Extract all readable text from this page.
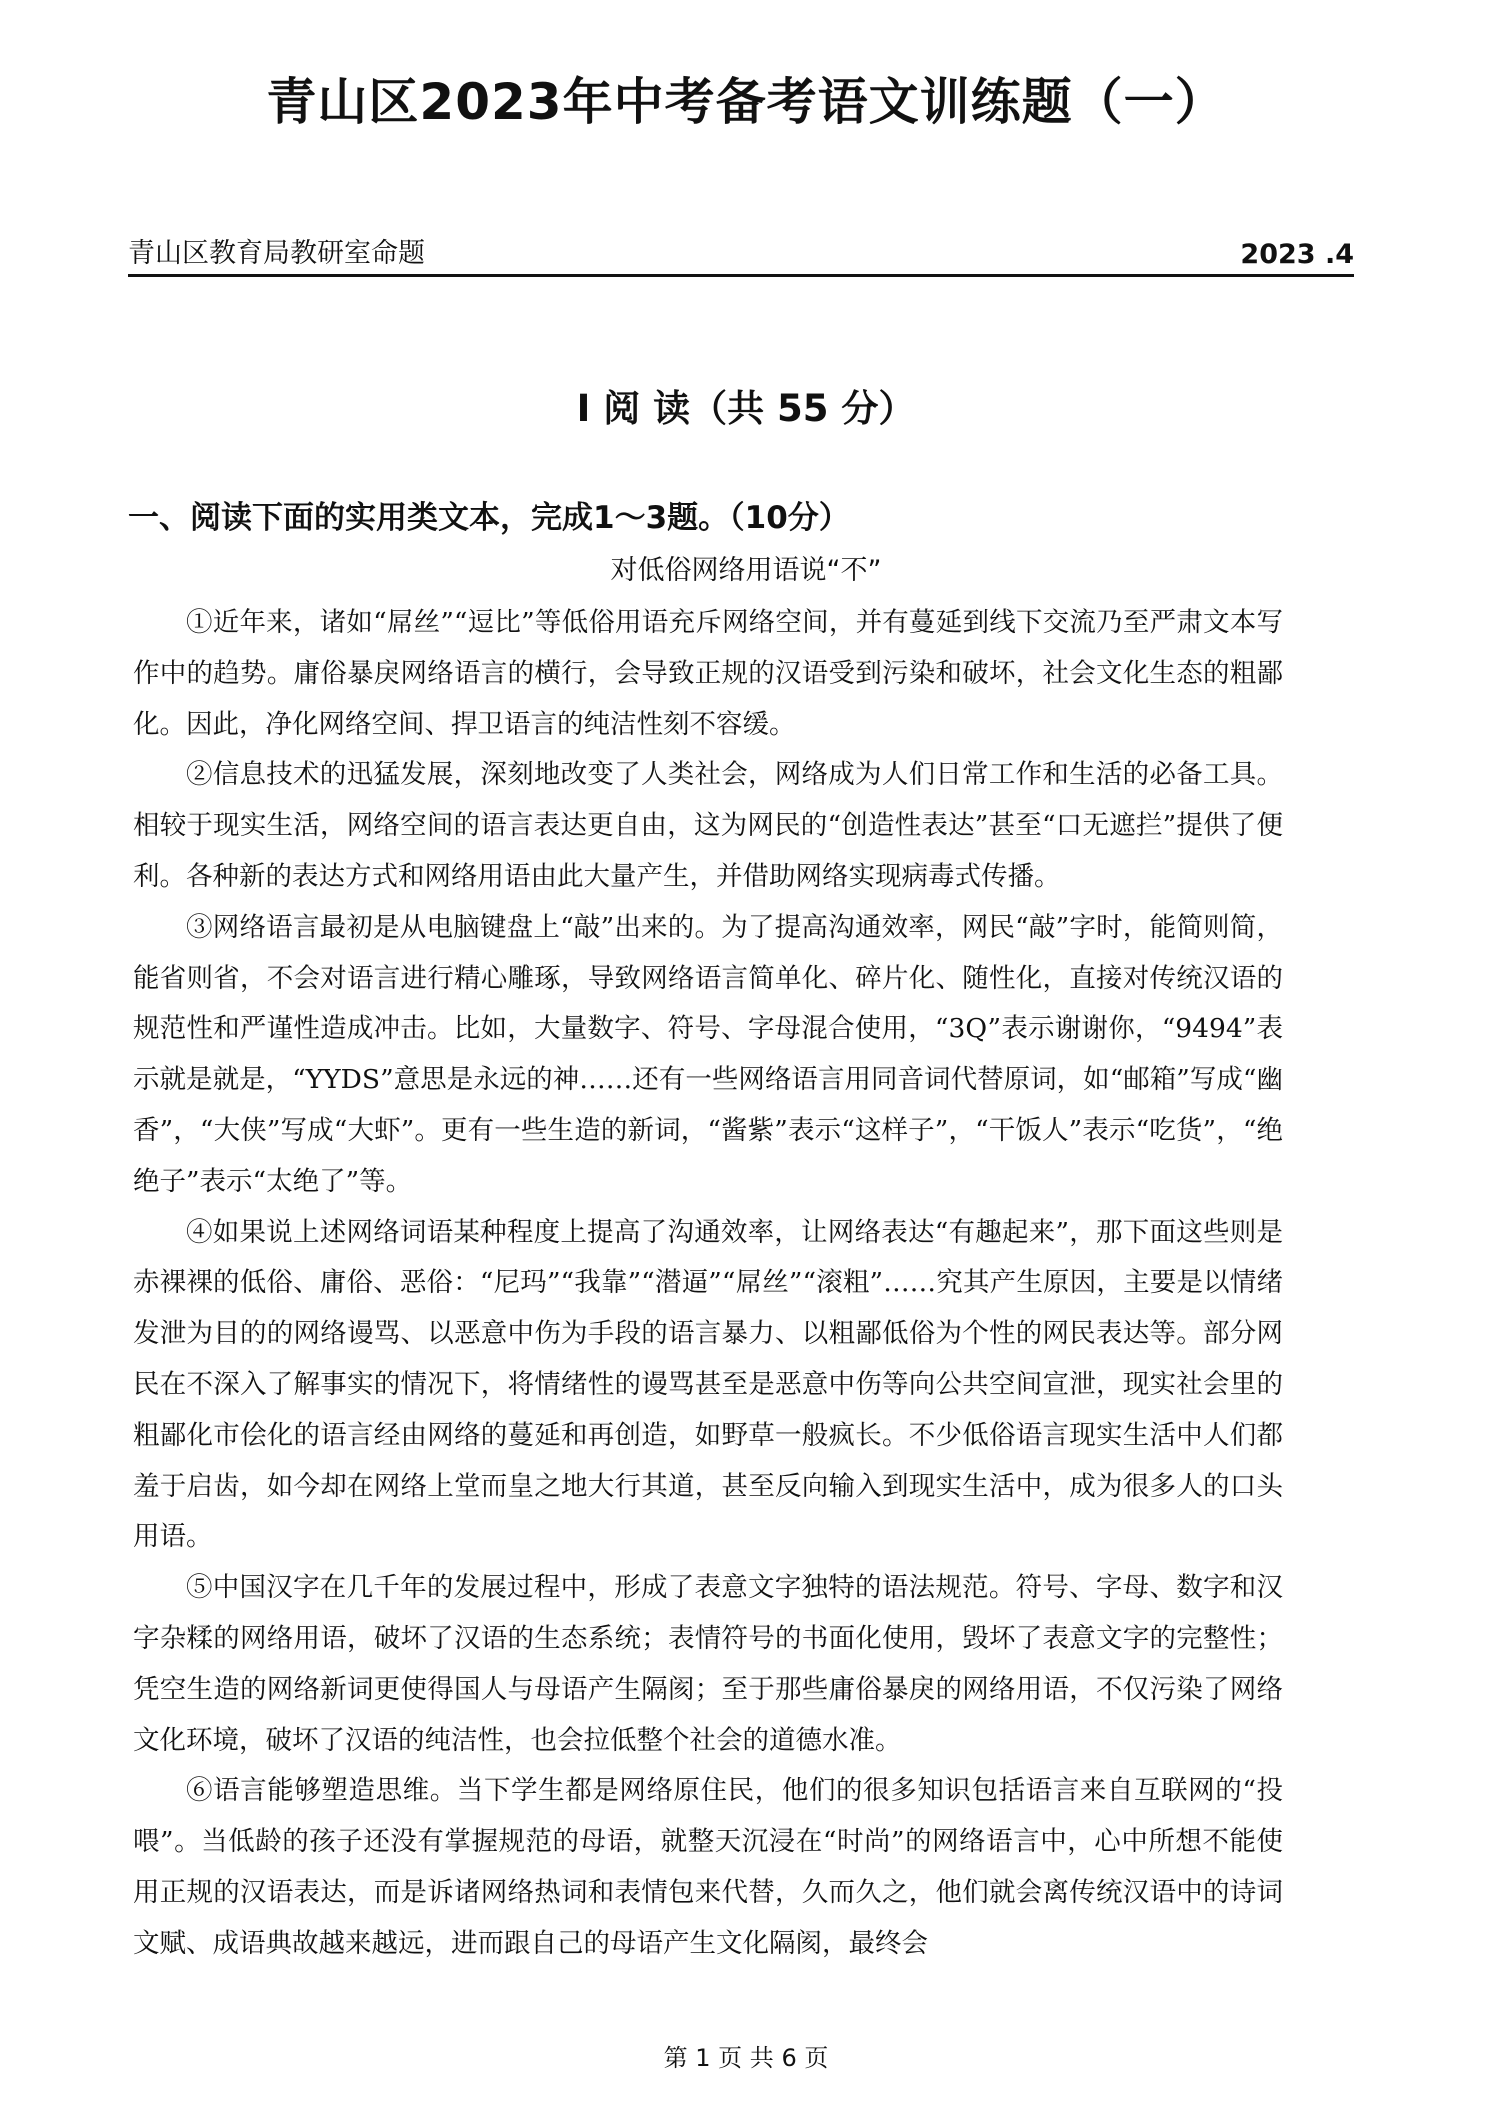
青山区2023年中考备考语文训练题（一）
青山区教育局教研室命题	2023 .4
I 阅 读（共 55 分）
一、阅读下面的实用类文本，完成1～3题。（10分）
对低俗网络用语说“不”

①近年来，诸如“屌丝”“逗比”等低俗用语充斥网络空间，并有蔓延到线下交流乃至严肃文本写作中的趋势。庸俗暴戾网络语言的横行，会导致正规的汉语受到污染和破坏，社会文化生态的粗鄙化。因此，净化网络空间、捍卫语言的纯洁性刻不容缓。

②信息技术的迅猛发展，深刻地改变了人类社会，网络成为人们日常工作和生活的必备工具。相较于现实生活，网络空间的语言表达更自由，这为网民的“创造性表达”甚至“口无遮拦”提供了便利。各种新的表达方式和网络用语由此大量产生，并借助网络实现病毒式传播。

③网络语言最初是从电脑键盘上“敲”出来的。为了提高沟通效率，网民“敲”字时，能简则简，能省则省，不会对语言进行精心雕琢，导致网络语言简单化、碎片化、随性化，直接对传统汉语的规范性和严谨性造成冲击。比如，大量数字、符号、字母混合使用，“3Q”表示谢谢你，“9494”表示就是就是，“YYDS”意思是永远的神……还有一些网络语言用同音词代替原词，如“邮箱”写成“幽香”，“大侠”写成“大虾”。更有一些生造的新词，“酱紫”表示“这样子”，“干饭人”表示“吃货”，“绝绝子”表示“太绝了”等。

④如果说上述网络词语某种程度上提高了沟通效率，让网络表达“有趣起来”，那下面这些则是赤裸裸的低俗、庸俗、恶俗：“尼玛”“我靠”“潜逼”“屌丝”“滚粗”……究其产生原因，主要是以情绪发泄为目的的网络谩骂、以恶意中伤为手段的语言暴力、以粗鄙低俗为个性的网民表达等。部分网民在不深入了解事实的情况下，将情绪性的谩骂甚至是恶意中伤等向公共空间宣泄，现实社会里的粗鄙化市侩化的语言经由网络的蔓延和再创造，如野草一般疯长。不少低俗语言现实生活中人们都羞于启齿，如今却在网络上堂而皇之地大行其道，甚至反向输入到现实生活中，成为很多人的口头用语。

⑤中国汉字在几千年的发展过程中，形成了表意文字独特的语法规范。符号、字母、数字和汉字杂糅的网络用语，破坏了汉语的生态系统；表情符号的书面化使用，毁坏了表意文字的完整性；凭空生造的网络新词更使得国人与母语产生隔阂；至于那些庸俗暴戾的网络用语，不仅污染了网络文化环境，破坏了汉语的纯洁性，也会拉低整个社会的道德水准。

⑥语言能够塑造思维。当下学生都是网络原住民，他们的很多知识包括语言来自互联网的“投喂”。当低龄的孩子还没有掌握规范的母语，就整天沉浸在“时尚”的网络语言中，心中所想不能使用正规的汉语表达，而是诉诸网络热词和表情包来代替，久而久之，他们就会离传统汉语中的诗词文赋、成语典故越来越远，进而跟自己的母语产生文化隔阂，最终会

第 1 页 共 6 页
